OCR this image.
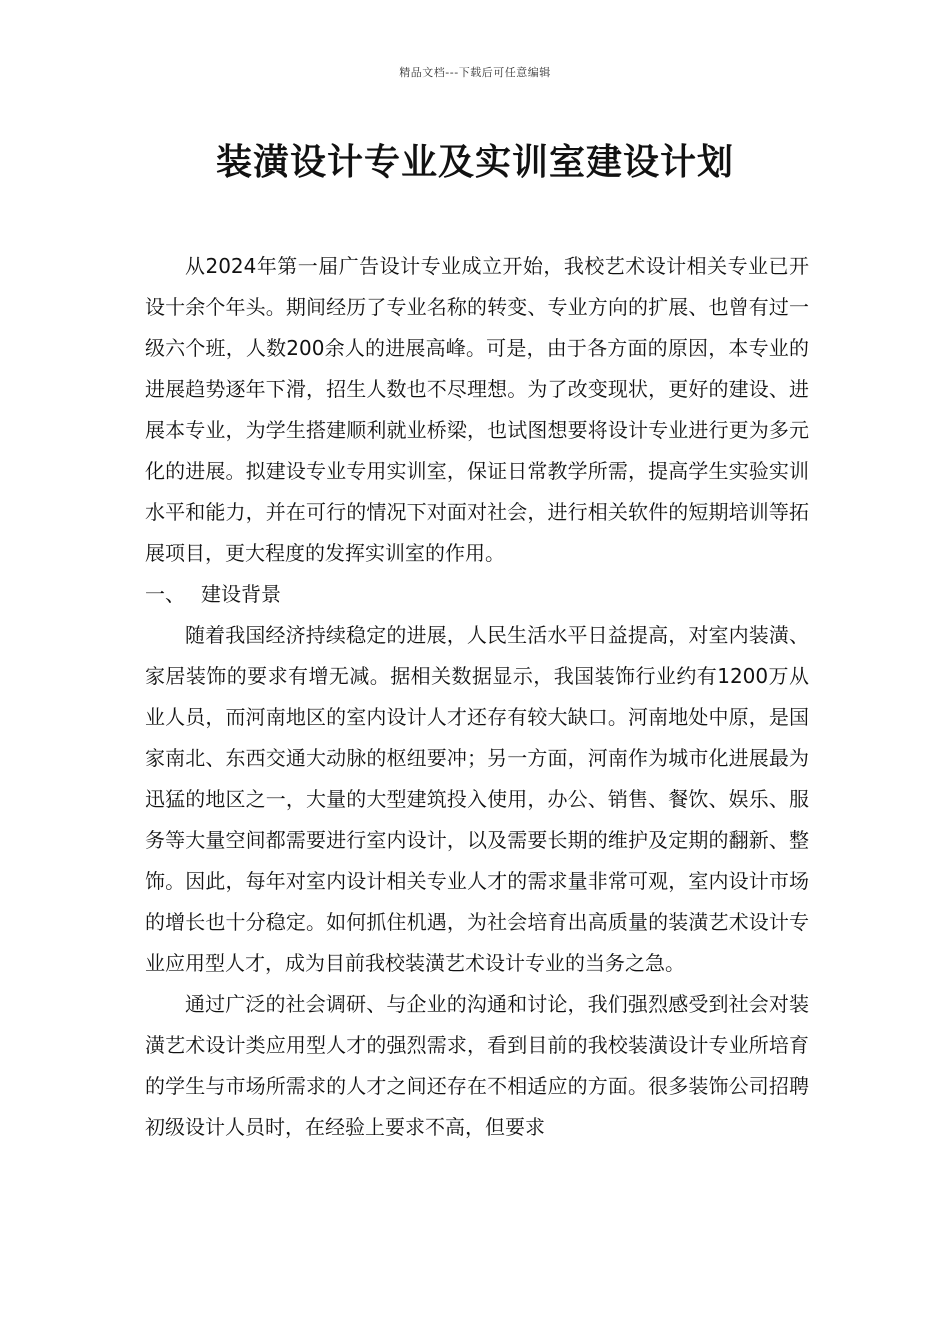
精品文档---下载后可任意编辑
装潢设计专业及实训室建设计划

从2024年第一届广告设计专业成立开始，我校艺术设计相关专业已开设十余个年头。期间经历了专业名称的转变、专业方向的扩展、也曾有过一级六个班，人数200余人的进展高峰。可是，由于各方面的原因，本专业的进展趋势逐年下滑，招生人数也不尽理想。为了改变现状，更好的建设、进展本专业，为学生搭建顺利就业桥梁，也试图想要将设计专业进行更为多元化的进展。拟建设专业专用实训室，保证日常教学所需，提高学生实验实训水平和能力，并在可行的情况下对面对社会，进行相关软件的短期培训等拓展项目，更大程度的发挥实训室的作用。

一、 建设背景

随着我国经济持续稳定的进展，人民生活水平日益提高，对室内装潢、家居装饰的要求有增无减。据相关数据显示，我国装饰行业约有1200万从业人员，而河南地区的室内设计人才还存有较大缺口。河南地处中原，是国家南北、东西交通大动脉的枢纽要冲；另一方面，河南作为城市化进展最为迅猛的地区之一，大量的大型建筑投入使用，办公、销售、餐饮、娱乐、服务等大量空间都需要进行室内设计，以及需要长期的维护及定期的翻新、整饰。因此，每年对室内设计相关专业人才的需求量非常可观，室内设计市场的增长也十分稳定。如何抓住机遇，为社会培育出高质量的装潢艺术设计专业应用型人才，成为目前我校装潢艺术设计专业的当务之急。

通过广泛的社会调研、与企业的沟通和讨论，我们强烈感受到社会对装潢艺术设计类应用型人才的强烈需求，看到目前的我校装潢设计专业所培育的学生与市场所需求的人才之间还存在不相适应的方面。很多装饰公司招聘初级设计人员时，在经验上要求不高，但要求
